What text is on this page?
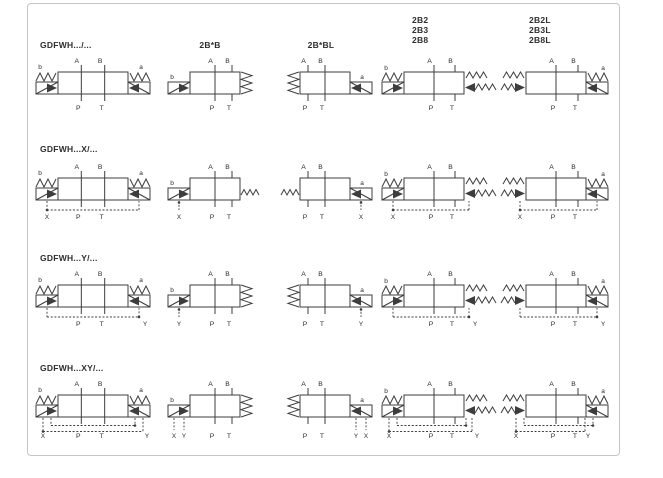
GDFWH.../...
GDFWH...X/...
GDFWH...Y/...
GDFWH...XY/...
2B*B	2B*BL
2B2
2B3
2B8
2B2L
2B3L
2B8L
A	B
P	T
b	a
A B
P T
b
A B
P T
a
A B
P T
b
A	B
P	T
a
A	B
P	T
b	a
X
A B
P T
b
X
A B
P T
a
X
A B
P T
b
X
A	B
P	T
a
X
A	B
P	T
b	a
Y
A B
P T
b
Y
A B
P T
a
Y
A B
P T
b
Y
A	B
P	T
a
Y
A	B
P	T
b	a
X	Y
A B
P T
b
X Y
A B
P T
a
Y X
A B
P T
b
X	Y
A	B
P	T
a
X	Y
